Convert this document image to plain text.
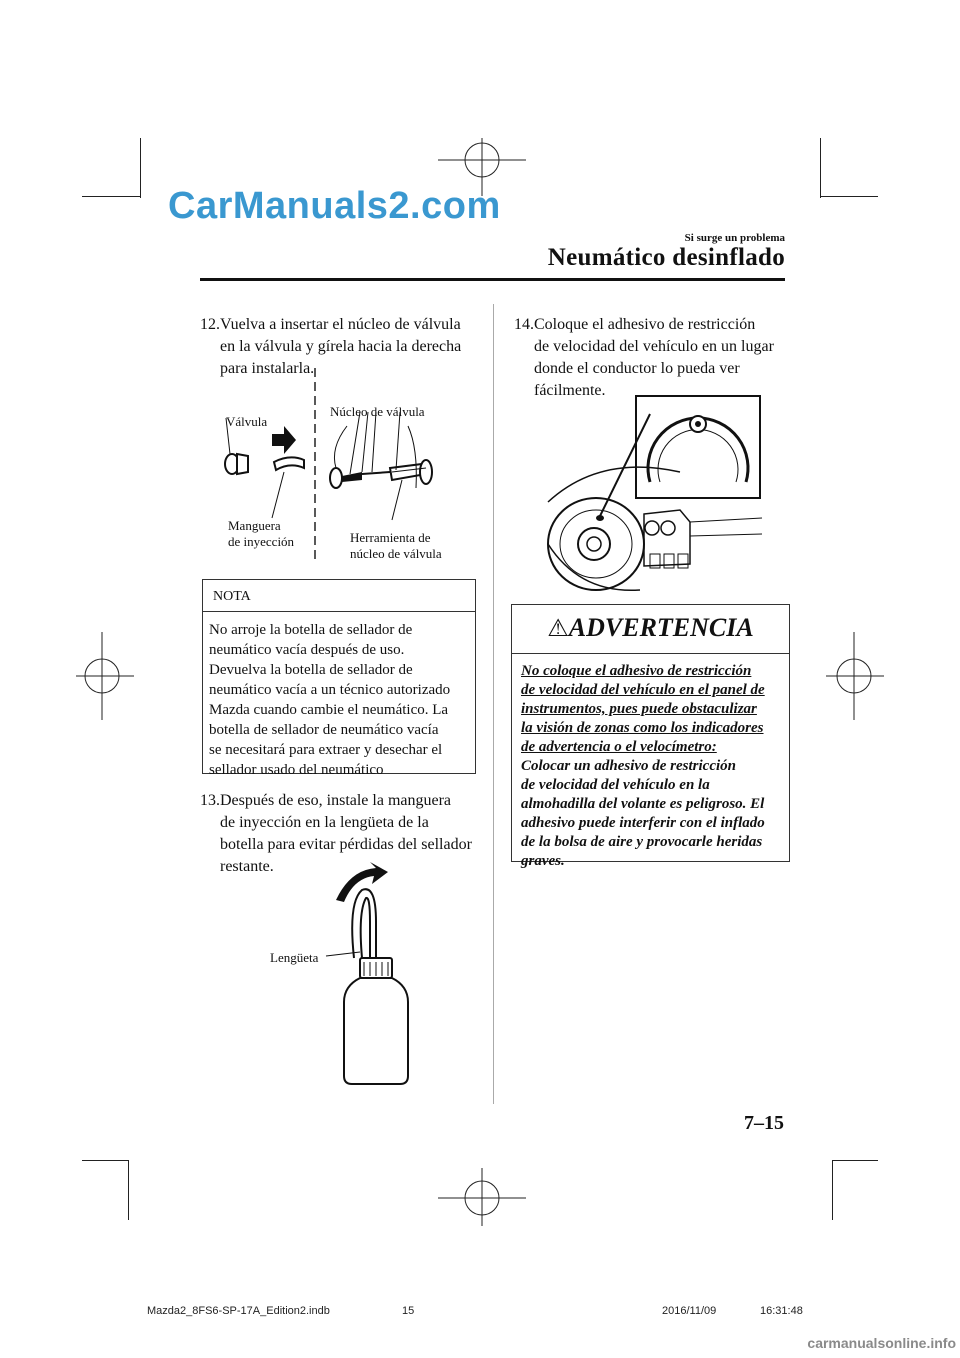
CarManuals2.com
Si surge un problema
Neumático desinflado
12. Vuelva a insertar el núcleo de válvula
en la válvula y gírela hacia la derecha
para instalarla.
Válvula
Núcleo de válvula
Manguera
de inyección	Herramienta de
núcleo de válvula
NOTA
No arroje la botella de sellador de
neumático vacía después de uso.
Devuelva la botella de sellador de
neumático vacía a un técnico autorizado
Mazda cuando cambie el neumático. La
botella de sellador de neumático vacía
se necesitará para extraer y desechar el
sellador usado del neumático
13. Después de eso, instale la manguera
de inyección en la lengüeta de la
botella para evitar pérdidas del sellador
restante.
Lengüeta
14. Coloque el adhesivo de restricción
de velocidad del vehículo en un lugar
donde el conductor lo pueda ver
fácilmente.
⚠ADVERTENCIA
No coloque el adhesivo de restricción
de velocidad del vehículo en el panel de
instrumentos, pues puede obstaculizar
la visión de zonas como los indicadores
de advertencia o el velocímetro:
Colocar un adhesivo de restricción
de velocidad del vehículo en la
almohadilla del volante es peligroso. El
adhesivo puede interferir con el inflado
de la bolsa de aire y provocarle heridas
graves.
7–15
Mazda2_8FS6-SP-17A_Edition2.indb	15	2016/11/09	16:31:48
carmanualsonline.info
